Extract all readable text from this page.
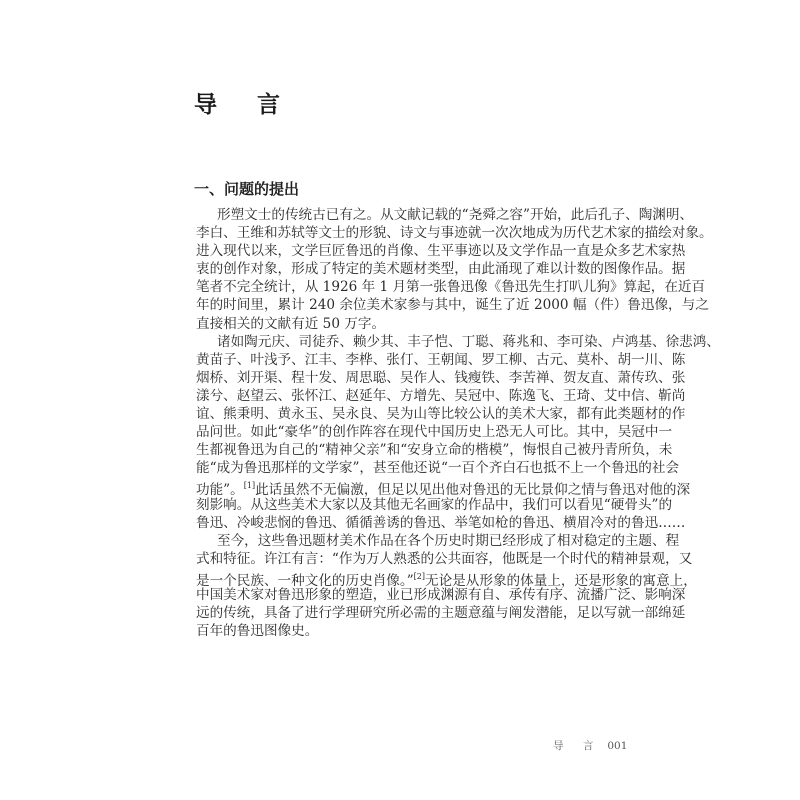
导 言
一、问题的提出
形塑文士的传统古已有之。从文献记载的“尧舜之容”开始，此后孔子、陶渊明、
李白、王维和苏轼等文士的形貌、诗文与事迹就一次次地成为历代艺术家的描绘对象。
进入现代以来，文学巨匠鲁迅的肖像、生平事迹以及文学作品一直是众多艺术家热
衷的创作对象，形成了特定的美术题材类型，由此涌现了难以计数的图像作品。据
笔者不完全统计，从 1926 年 1 月第一张鲁迅像《鲁迅先生打叭儿狗》算起，在近百
年的时间里，累计 240 余位美术家参与其中，诞生了近 2000 幅（件）鲁迅像，与之
直接相关的文献有近 50 万字。
诸如陶元庆、司徒乔、赖少其、丰子恺、丁聪、蒋兆和、李可染、卢鸿基、徐悲鸿、
黄苗子、叶浅予、江丰、李桦、张仃、王朝闻、罗工柳、古元、莫朴、胡一川、陈
烟桥、刘开渠、程十发、周思聪、吴作人、钱瘦铁、李苦禅、贺友直、萧传玖、张
漾兮、赵望云、张怀江、赵延年、方增先、吴冠中、陈逸飞、王琦、艾中信、靳尚
谊、熊秉明、黄永玉、吴永良、吴为山等比较公认的美术大家，都有此类题材的作
品问世。如此“豪华”的创作阵容在现代中国历史上恐无人可比。其中，吴冠中一
生都视鲁迅为自己的“精神父亲”和“安身立命的楷模”，悔恨自己被丹青所负，未
能“成为鲁迅那样的文学家”，甚至他还说“一百个齐白石也抵不上一个鲁迅的社会
功能”。[1]此话虽然不无偏激，但足以见出他对鲁迅的无比景仰之情与鲁迅对他的深
刻影响。从这些美术大家以及其他无名画家的作品中，我们可以看见“硬骨头”的
鲁迅、冷峻悲悯的鲁迅、循循善诱的鲁迅、举笔如枪的鲁迅、横眉冷对的鲁迅……
至今，这些鲁迅题材美术作品在各个历史时期已经形成了相对稳定的主题、程
式和特征。许江有言：“作为万人熟悉的公共面容，他既是一个时代的精神景观，又
是一个民族、一种文化的历史肖像。”[2]无论是从形象的体量上，还是形象的寓意上，
中国美术家对鲁迅形象的塑造，业已形成渊源有自、承传有序、流播广泛、影响深
远的传统，具备了进行学理研究所必需的主题意蕴与阐发潜能，足以写就一部绵延
百年的鲁迅图像史。
导 言 001
